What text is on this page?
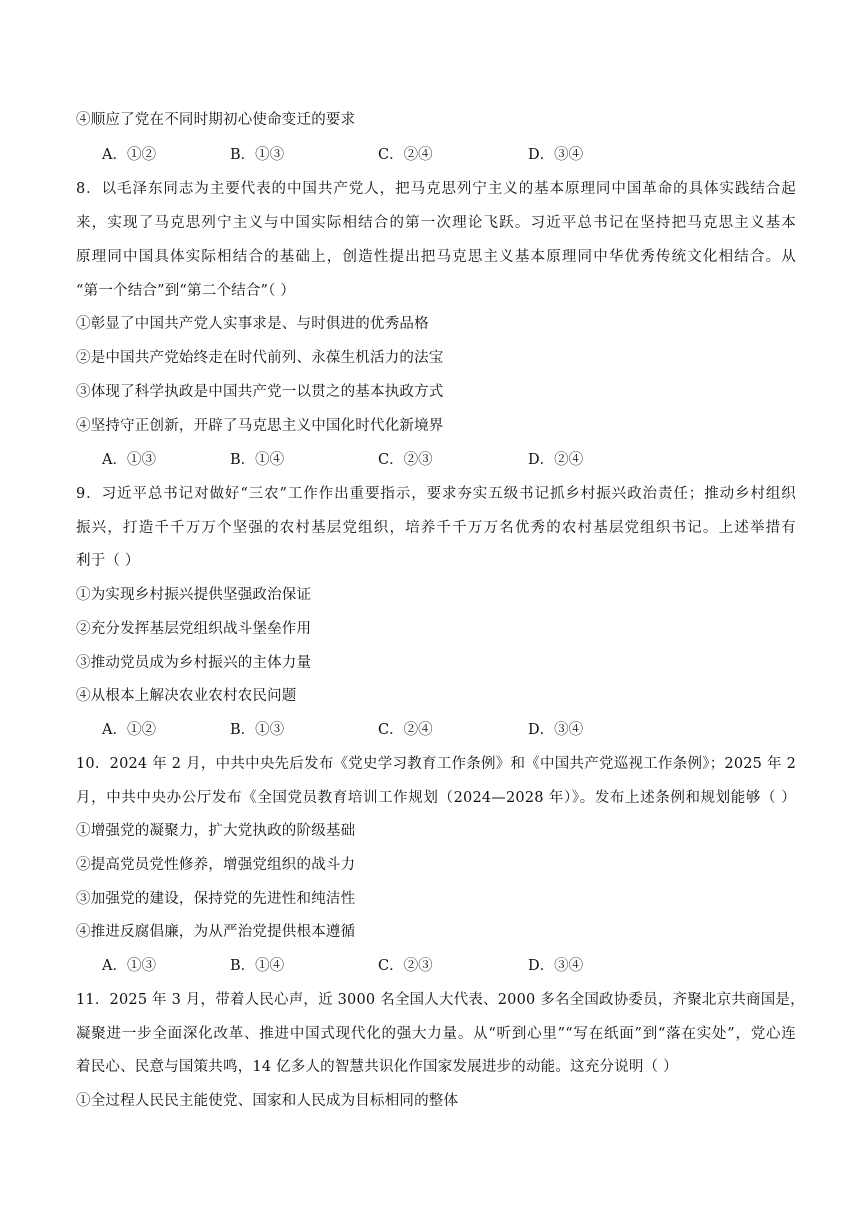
④顺应了党在不同时期初心使命变迁的要求
A．①②	B．①③	C．②④	D．③④
8．以毛泽东同志为主要代表的中国共产党人，把马克思列宁主义的基本原理同中国革命的具体实践结合起
来，实现了马克思列宁主义与中国实际相结合的第一次理论飞跃。习近平总书记在坚持把马克思主义基本
原理同中国具体实际相结合的基础上，创造性提出把马克思主义基本原理同中华优秀传统文化相结合。从
“第一个结合”到“第二个结合”（ ）
①彰显了中国共产党人实事求是、与时俱进的优秀品格
②是中国共产党始终走在时代前列、永葆生机活力的法宝
③体现了科学执政是中国共产党一以贯之的基本执政方式
④坚持守正创新，开辟了马克思主义中国化时代化新境界
A．①③	B．①④	C．②③	D．②④
9．习近平总书记对做好“三农”工作作出重要指示，要求夯实五级书记抓乡村振兴政治责任；推动乡村组织
振兴，打造千千万万个坚强的农村基层党组织，培养千千万万名优秀的农村基层党组织书记。上述举措有
利于（ ）
①为实现乡村振兴提供坚强政治保证
②充分发挥基层党组织战斗堡垒作用
③推动党员成为乡村振兴的主体力量
④从根本上解决农业农村农民问题
A．①②	B．①③	C．②④	D．③④
10．2024 年 2 月，中共中央先后发布《党史学习教育工作条例》和《中国共产党巡视工作条例》；2025 年 2
月，中共中央办公厅发布《全国党员教育培训工作规划（2024—2028 年）》。发布上述条例和规划能够（ ）
①增强党的凝聚力，扩大党执政的阶级基础
②提高党员党性修养，增强党组织的战斗力
③加强党的建设，保持党的先进性和纯洁性
④推进反腐倡廉，为从严治党提供根本遵循
A．①③	B．①④	C．②③	D．③④
11．2025 年 3 月，带着人民心声，近 3000 名全国人大代表、2000 多名全国政协委员，齐聚北京共商国是，
凝聚进一步全面深化改革、推进中国式现代化的强大力量。从“听到心里”“写在纸面”到“落在实处”，党心连
着民心、民意与国策共鸣，14 亿多人的智慧共识化作国家发展进步的动能。这充分说明（ ）
①全过程人民民主能使党、国家和人民成为目标相同的整体
